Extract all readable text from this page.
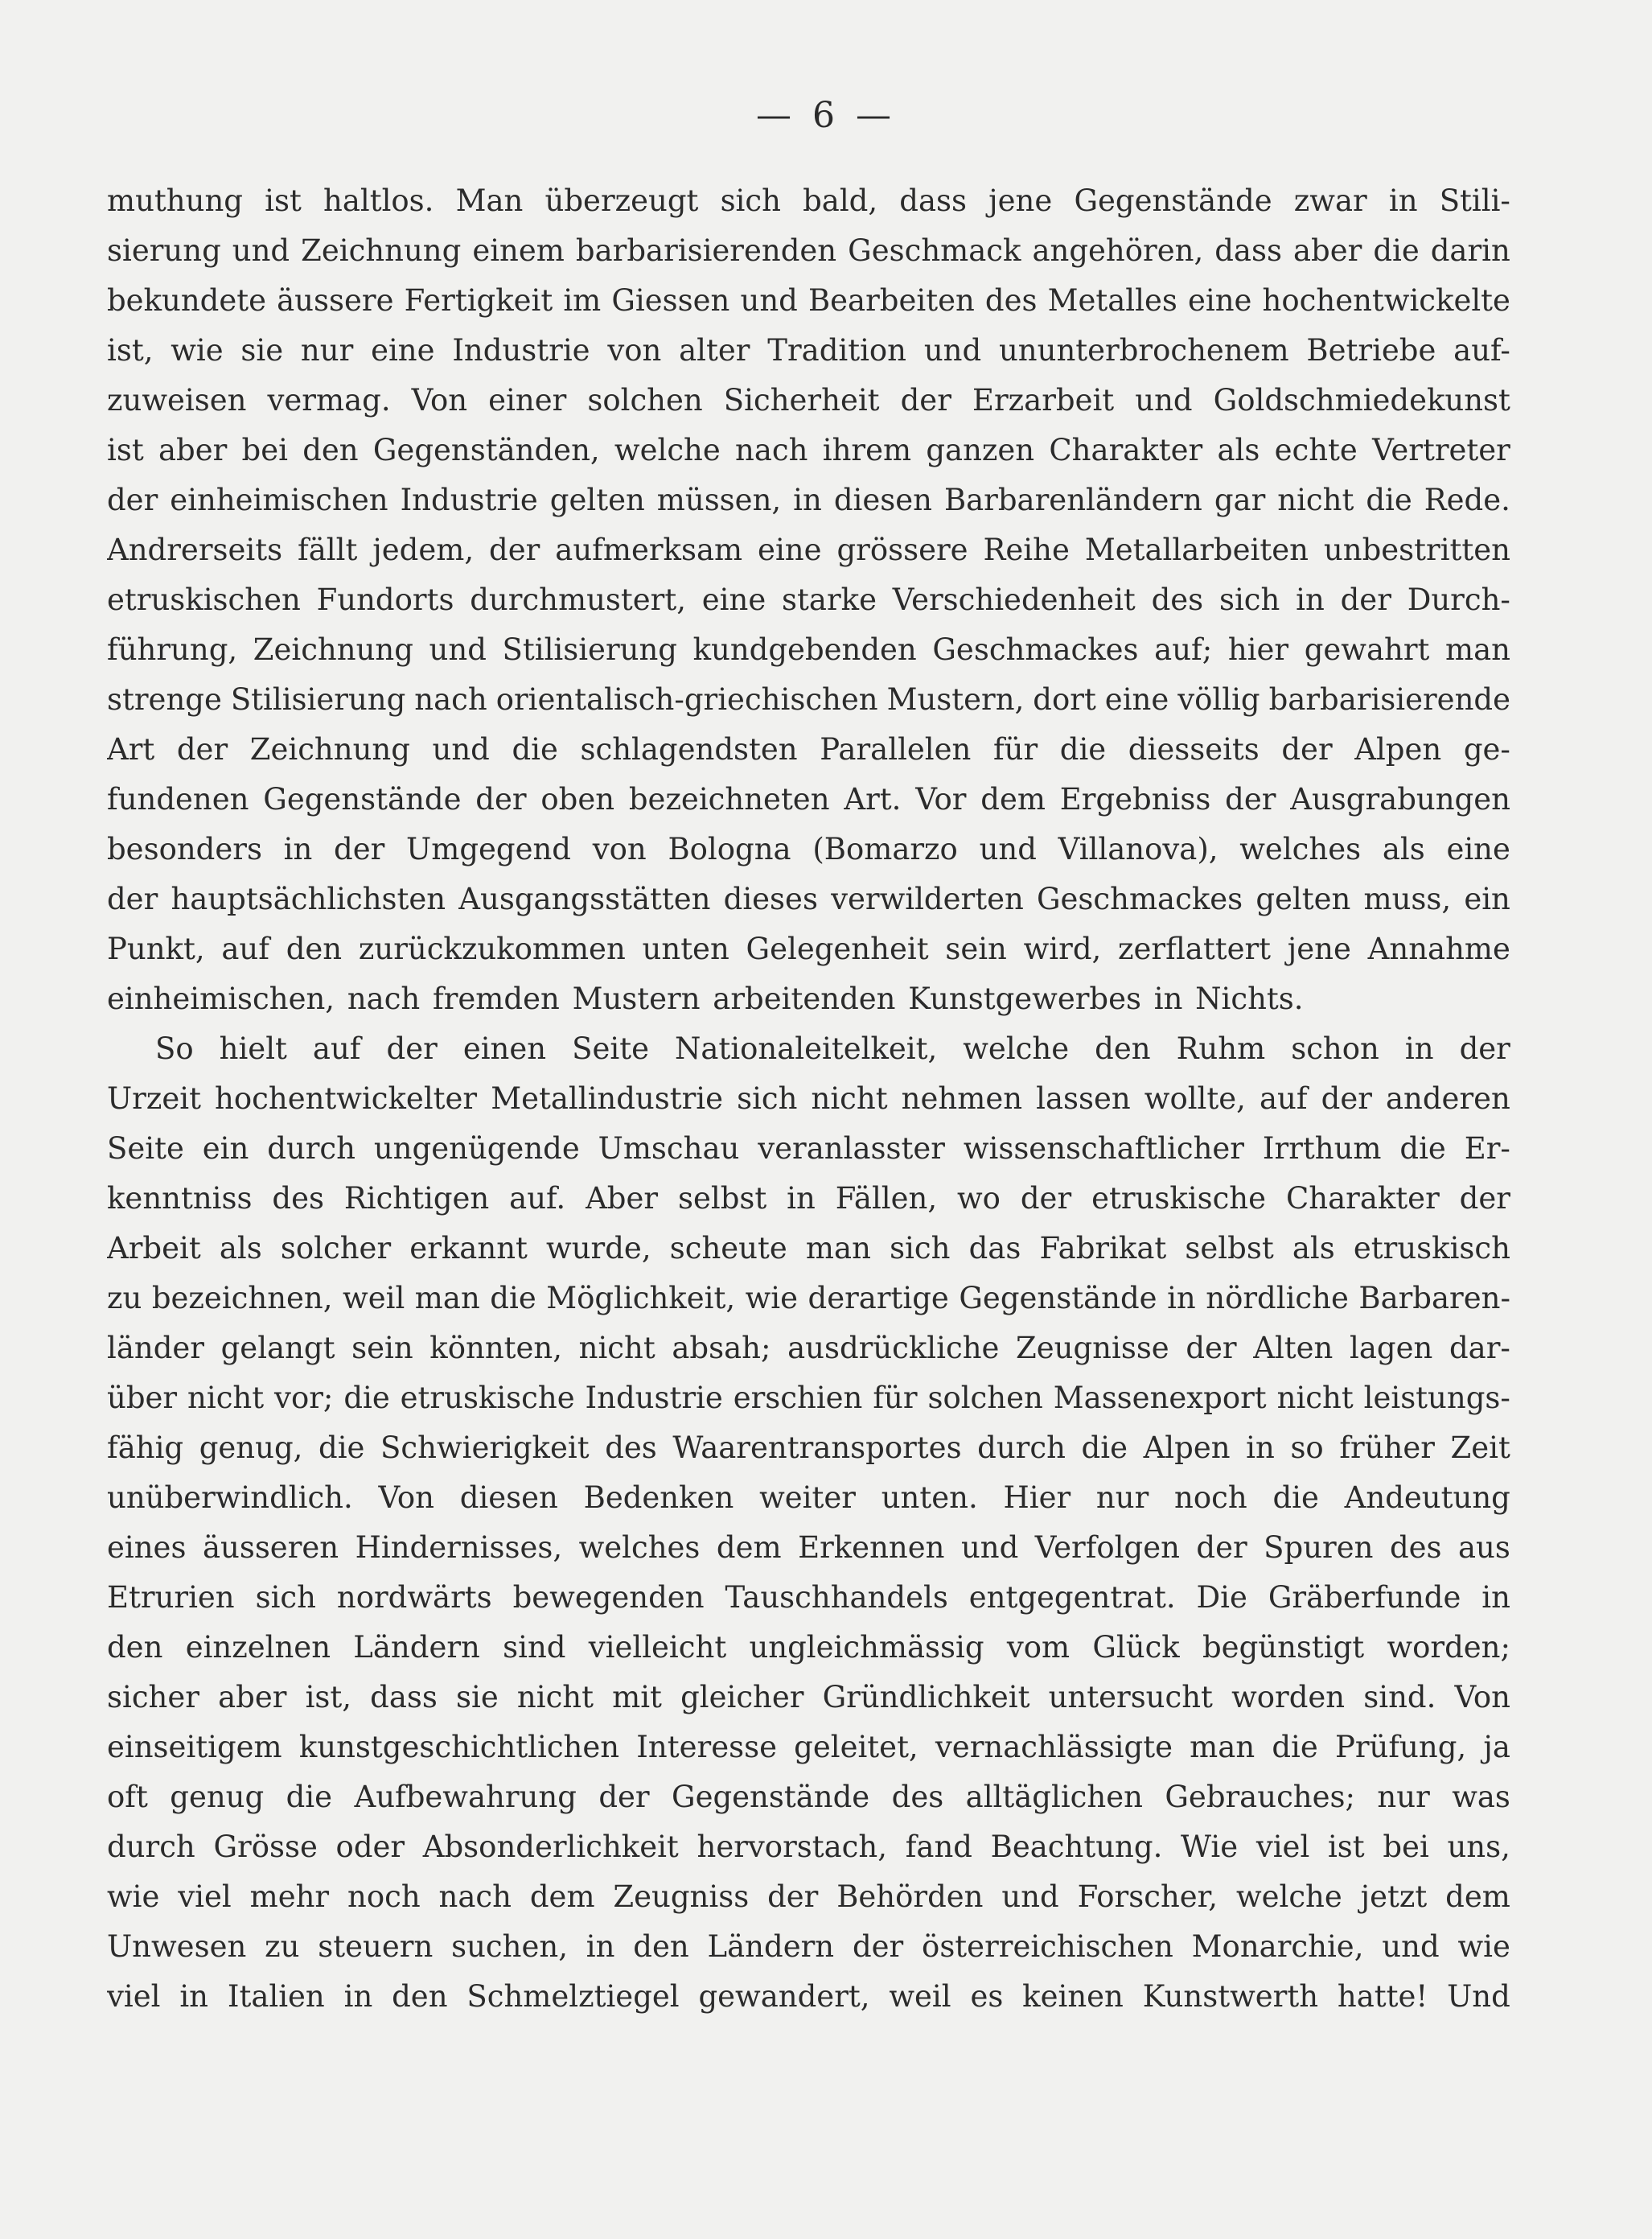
— 6 —
muthung ist haltlos. Man überzeugt sich bald, dass jene Gegenstände zwar in Stili-
sierung und Zeichnung einem barbarisierenden Geschmack angehören, dass aber die darin
bekundete äussere Fertigkeit im Giessen und Bearbeiten des Metalles eine hochentwickelte
ist, wie sie nur eine Industrie von alter Tradition und ununterbrochenem Betriebe auf-
zuweisen vermag. Von einer solchen Sicherheit der Erzarbeit und Goldschmiedekunst
ist aber bei den Gegenständen, welche nach ihrem ganzen Charakter als echte Vertreter
der einheimischen Industrie gelten müssen, in diesen Barbarenländern gar nicht die Rede.
Andrerseits fällt jedem, der aufmerksam eine grössere Reihe Metallarbeiten unbestritten
etruskischen Fundorts durchmustert, eine starke Verschiedenheit des sich in der Durch-
führung, Zeichnung und Stilisierung kundgebenden Geschmackes auf; hier gewahrt man
strenge Stilisierung nach orientalisch-griechischen Mustern, dort eine völlig barbarisierende
Art der Zeichnung und die schlagendsten Parallelen für die diesseits der Alpen ge-
fundenen Gegenstände der oben bezeichneten Art. Vor dem Ergebniss der Ausgrabungen
besonders in der Umgegend von Bologna (Bomarzo und Villanova), welches als eine
der hauptsächlichsten Ausgangsstätten dieses verwilderten Geschmackes gelten muss, ein
Punkt, auf den zurückzukommen unten Gelegenheit sein wird, zerflattert jene Annahme
einheimischen, nach fremden Mustern arbeitenden Kunstgewerbes in Nichts.
So hielt auf der einen Seite Nationaleitelkeit, welche den Ruhm schon in der
Urzeit hochentwickelter Metallindustrie sich nicht nehmen lassen wollte, auf der anderen
Seite ein durch ungenügende Umschau veranlasster wissenschaftlicher Irrthum die Er-
kenntniss des Richtigen auf. Aber selbst in Fällen, wo der etruskische Charakter der
Arbeit als solcher erkannt wurde, scheute man sich das Fabrikat selbst als etruskisch
zu bezeichnen, weil man die Möglichkeit, wie derartige Gegenstände in nördliche Barbaren-
länder gelangt sein könnten, nicht absah; ausdrückliche Zeugnisse der Alten lagen dar-
über nicht vor; die etruskische Industrie erschien für solchen Massenexport nicht leistungs-
fähig genug, die Schwierigkeit des Waarentransportes durch die Alpen in so früher Zeit
unüberwindlich. Von diesen Bedenken weiter unten. Hier nur noch die Andeutung
eines äusseren Hindernisses, welches dem Erkennen und Verfolgen der Spuren des aus
Etrurien sich nordwärts bewegenden Tauschhandels entgegentrat. Die Gräberfunde in
den einzelnen Ländern sind vielleicht ungleichmässig vom Glück begünstigt worden;
sicher aber ist, dass sie nicht mit gleicher Gründlichkeit untersucht worden sind. Von
einseitigem kunstgeschichtlichen Interesse geleitet, vernachlässigte man die Prüfung, ja
oft genug die Aufbewahrung der Gegenstände des alltäglichen Gebrauches; nur was
durch Grösse oder Absonderlichkeit hervorstach, fand Beachtung. Wie viel ist bei uns,
wie viel mehr noch nach dem Zeugniss der Behörden und Forscher, welche jetzt dem
Unwesen zu steuern suchen, in den Ländern der österreichischen Monarchie, und wie
viel in Italien in den Schmelztiegel gewandert, weil es keinen Kunstwerth hatte! Und
